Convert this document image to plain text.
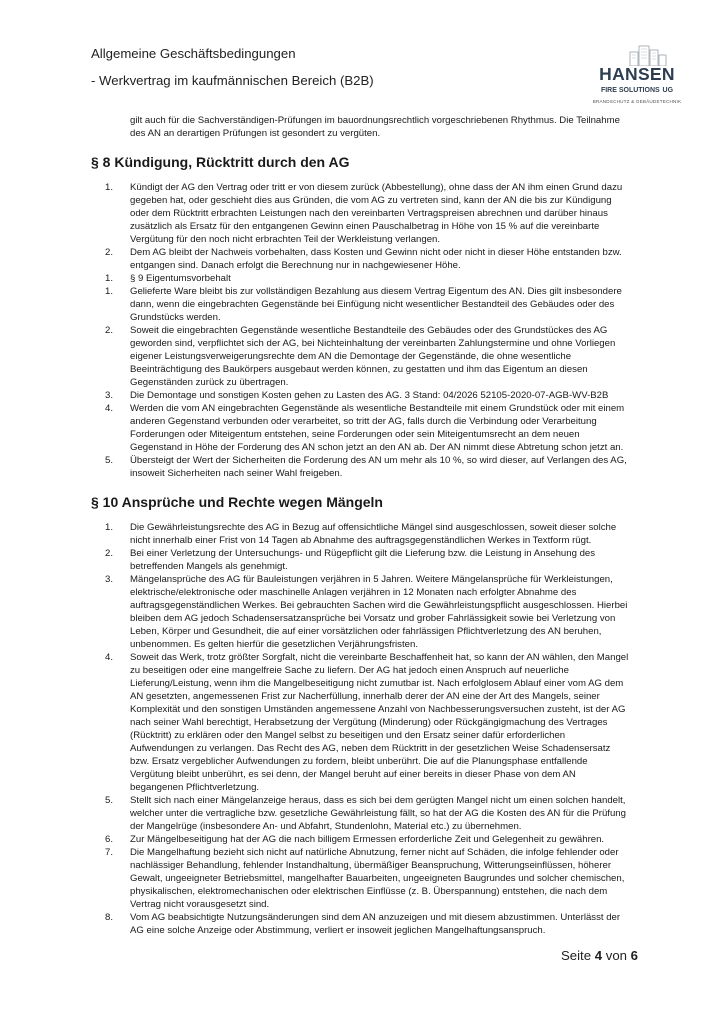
Allgemeine Geschäftsbedingungen
- Werkvertrag im kaufmännischen Bereich (B2B)	HANSEN
FIRE SOLUTIONS UG
BRANDSCHUTZ & GEBÄUDETECHNIK

gilt auch für die Sachverständigen-Prüfungen im bauordnungsrechtlich vorgeschriebenen Rhythmus. Die Teilnahme des AN an derartigen Prüfungen ist gesondert zu vergüten.

§ 8 Kündigung, Rücktritt durch den AG
1. Kündigt der AG den Vertrag oder tritt er von diesem zurück (Abbestellung), ohne dass der AN ihm einen Grund dazu gegeben hat, oder geschieht dies aus Gründen, die vom AG zu vertreten sind, kann der AN die bis zur Kündigung oder dem Rücktritt erbrachten Leistungen nach den vereinbarten Vertragspreisen abrechnen und darüber hinaus zusätzlich als Ersatz für den entgangenen Gewinn einen Pauschalbetrag in Höhe von 15 % auf die vereinbarte Vergütung für den noch nicht erbrachten Teil der Werkleistung verlangen.
2. Dem AG bleibt der Nachweis vorbehalten, dass Kosten und Gewinn nicht oder nicht in dieser Höhe entstanden bzw. entgangen sind. Danach erfolgt die Berechnung nur in nachgewiesener Höhe.
1. § 9 Eigentumsvorbehalt
1. Gelieferte Ware bleibt bis zur vollständigen Bezahlung aus diesem Vertrag Eigentum des AN. Dies gilt insbesondere dann, wenn die eingebrachten Gegenstände bei Einfügung nicht wesentlicher Bestandteil des Gebäudes oder des Grundstücks werden.
2. Soweit die eingebrachten Gegenstände wesentliche Bestandteile des Gebäudes oder des Grundstückes des AG geworden sind, verpflichtet sich der AG, bei Nichteinhaltung der vereinbarten Zahlungstermine und ohne Vorliegen eigener Leistungsverweigerungsrechte dem AN die Demontage der Gegenstände, die ohne wesentliche Beeinträchtigung des Baukörpers ausgebaut werden können, zu gestatten und ihm das Eigentum an diesen Gegenständen zurück zu übertragen.
3. Die Demontage und sonstigen Kosten gehen zu Lasten des AG. 3 Stand: 04/2026 52105-2020-07-AGB-WV-B2B
4. Werden die vom AN eingebrachten Gegenstände als wesentliche Bestandteile mit einem Grundstück oder mit einem anderen Gegenstand verbunden oder verarbeitet, so tritt der AG, falls durch die Verbindung oder Verarbeitung Forderungen oder Miteigentum entstehen, seine Forderungen oder sein Miteigentumsrecht an dem neuen Gegenstand in Höhe der Forderung des AN schon jetzt an den AN ab. Der AN nimmt diese Abtretung schon jetzt an.
5. Übersteigt der Wert der Sicherheiten die Forderung des AN um mehr als 10 %, so wird dieser, auf Verlangen des AG, insoweit Sicherheiten nach seiner Wahl freigeben.
§ 10 Ansprüche und Rechte wegen Mängeln
1. Die Gewährleistungsrechte des AG in Bezug auf offensichtliche Mängel sind ausgeschlossen, soweit dieser solche nicht innerhalb einer Frist von 14 Tagen ab Abnahme des auftragsgegenständlichen Werkes in Textform rügt.
2. Bei einer Verletzung der Untersuchungs- und Rügepflicht gilt die Lieferung bzw. die Leistung in Ansehung des betreffenden Mangels als genehmigt.
3. Mängelansprüche des AG für Bauleistungen verjähren in 5 Jahren. Weitere Mängelansprüche für Werkleistungen, elektrische/elektronische oder maschinelle Anlagen verjähren in 12 Monaten nach erfolgter Abnahme des auftragsgegenständlichen Werkes. Bei gebrauchten Sachen wird die Gewährleistungspflicht ausgeschlossen. Hierbei bleiben dem AG jedoch Schadensersatzansprüche bei Vorsatz und grober Fahrlässigkeit sowie bei Verletzung von Leben, Körper und Gesundheit, die auf einer vorsätzlichen oder fahrlässigen Pflichtverletzung des AN beruhen, unbenommen. Es gelten hierfür die gesetzlichen Verjährungsfristen.
4. Soweit das Werk, trotz größter Sorgfalt, nicht die vereinbarte Beschaffenheit hat, so kann der AN wählen, den Mangel zu beseitigen oder eine mangelfreie Sache zu liefern. Der AG hat jedoch einen Anspruch auf neuerliche Lieferung/Leistung, wenn ihm die Mangelbeseitigung nicht zumutbar ist. Nach erfolglosem Ablauf einer vom AG dem AN gesetzten, angemessenen Frist zur Nacherfüllung, innerhalb derer der AN eine der Art des Mangels, seiner Komplexität und den sonstigen Umständen angemessene Anzahl von Nachbesserungsversuchen zusteht, ist der AG nach seiner Wahl berechtigt, Herabsetzung der Vergütung (Minderung) oder Rückgängigmachung des Vertrages (Rücktritt) zu erklären oder den Mangel selbst zu beseitigen und den Ersatz seiner dafür erforderlichen Aufwendungen zu verlangen. Das Recht des AG, neben dem Rücktritt in der gesetzlichen Weise Schadensersatz bzw. Ersatz vergeblicher Aufwendungen zu fordern, bleibt unberührt. Die auf die Planungsphase entfallende Vergütung bleibt unberührt, es sei denn, der Mangel beruht auf einer bereits in dieser Phase von dem AN begangenen Pflichtverletzung.
5. Stellt sich nach einer Mängelanzeige heraus, dass es sich bei dem gerügten Mangel nicht um einen solchen handelt, welcher unter die vertragliche bzw. gesetzliche Gewährleistung fällt, so hat der AG die Kosten des AN für die Prüfung der Mangelrüge (insbesondere An- und Abfahrt, Stundenlohn, Material etc.) zu übernehmen.
6. Zur Mängelbeseitigung hat der AG die nach billigem Ermessen erforderliche Zeit und Gelegenheit zu gewähren.
7. Die Mangelhaftung bezieht sich nicht auf natürliche Abnutzung, ferner nicht auf Schäden, die infolge fehlender oder nachlässiger Behandlung, fehlender Instandhaltung, übermäßiger Beanspruchung, Witterungseinflüssen, höherer Gewalt, ungeeigneter Betriebsmittel, mangelhafter Bauarbeiten, ungeeigneten Baugrundes und solcher chemischen, physikalischen, elektromechanischen oder elektrischen Einflüsse (z. B. Überspannung) entstehen, die nach dem Vertrag nicht vorausgesetzt sind.
8. Vom AG beabsichtigte Nutzungsänderungen sind dem AN anzuzeigen und mit diesem abzustimmen. Unterlässt der AG eine solche Anzeige oder Abstimmung, verliert er insoweit jeglichen Mangelhaftungsanspruch.
Seite 4 von 6
